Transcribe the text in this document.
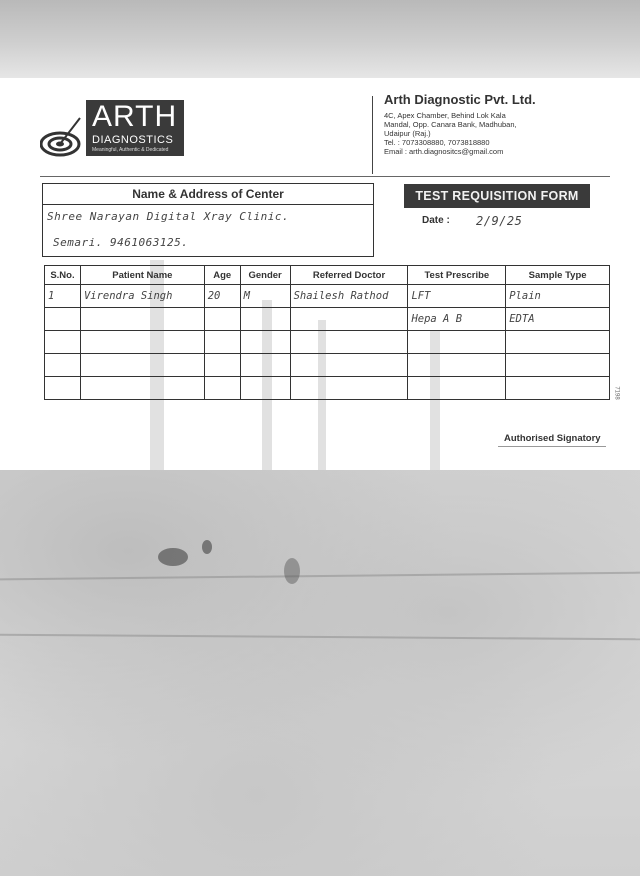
ARTH
DIAGNOSTICS
Meaningful, Authentic & Dedicated
Arth Diagnostic Pvt. Ltd.
4C, Apex Chamber, Behind Lok Kala
Mandal, Opp. Canara Bank, Madhuban,
Udaipur (Raj.)
Tel. : 7073308880, 7073818880
Email : arth.diagnositcs@gmail.com
Name & Address of Center
Shree Narayan Digital Xray Clinic.
Semari. 9461063125.
TEST REQUISITION FORM
Date : 2/9/25
S.No.	Patient Name	Age	Gender	Referred Doctor	Test Prescribe	Sample Type
1	Virendra Singh	20	M	Shailesh Rathod	LFT	Plain
					Hepa A B	EDTA

7198
Authorised Signatory
